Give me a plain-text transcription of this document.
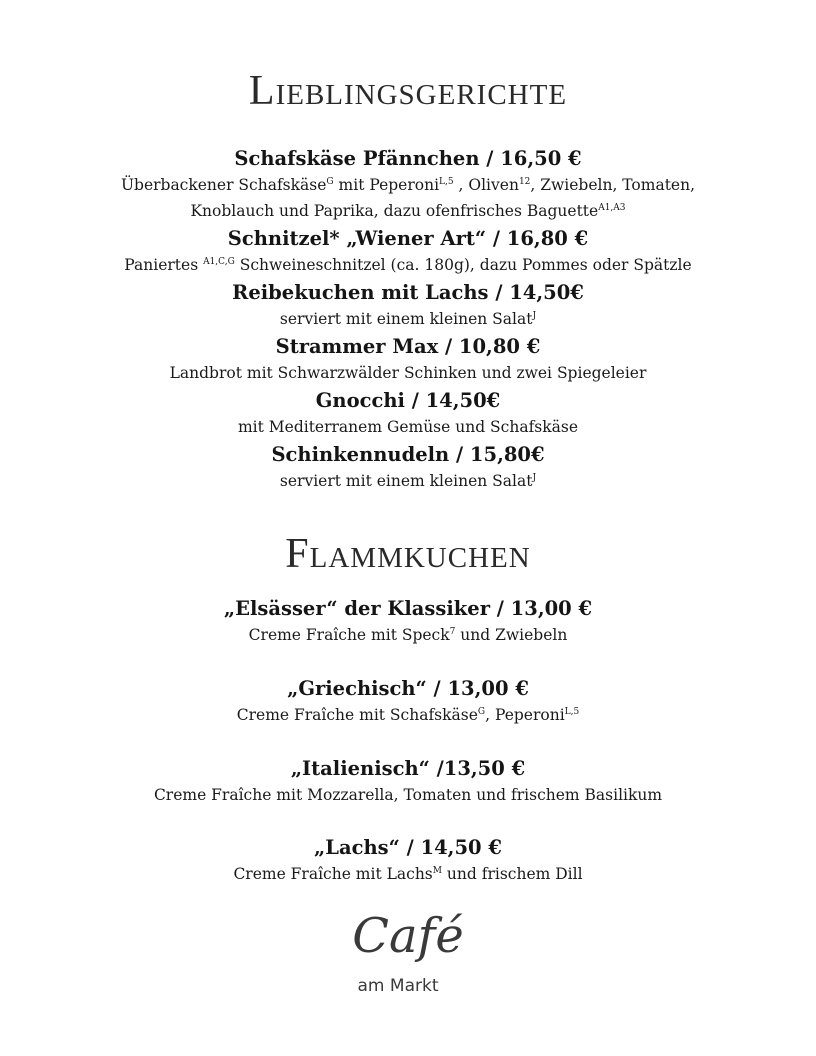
Lieblingsgerichte
Schafskäse Pfännchen / 16,50 €
Überbackener Schafskäse$^G$ mit Peperoni$^{L,5}$ , Oliven$^{12}$, Zwiebeln, Tomaten,
Knoblauch und Paprika, dazu ofenfrisches Baguette$^{A1,A3}$
Schnitzel* „Wiener Art“ / 16,80 €
Paniertes $^{A1,C,G}$ Schweineschnitzel (ca. 180g), dazu Pommes oder Spätzle
Reibekuchen mit Lachs / 14,50€
serviert mit einem kleinen Salat$^J$
Strammer Max / 10,80 €
Landbrot mit Schwarzwälder Schinken und zwei Spiegeleier
Gnocchi / 14,50€
mit Mediterranem Gemüse und Schafskäse
Schinkennudeln / 15,80€
serviert mit einem kleinen Salat$^J$
Flammkuchen
„Elsässer“ der Klassiker / 13,00 €
Creme Fraîche mit Speck$^7$ und Zwiebeln
„Griechisch“ / 13,00 €
Creme Fraîche mit Schafskäse$^G$, Peperoni$^{L,5}$
„Italienisch“ /13,50 €
Creme Fraîche mit Mozzarella, Tomaten und frischem Basilikum
„Lachs“ / 14,50 €
Creme Fraîche mit Lachs$^M$ und frischem Dill
Café
am Markt
